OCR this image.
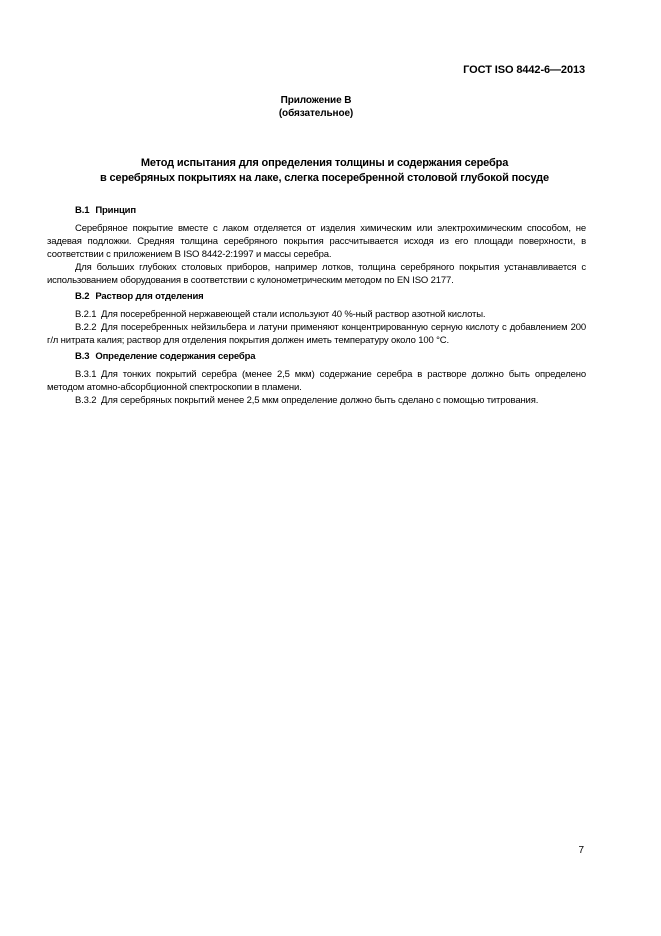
ГОСТ ISO 8442-6—2013
Приложение В
(обязательное)
Метод испытания для определения толщины и содержания серебра
в серебряных покрытиях на лаке, слегка посеребренной столовой глубокой посуде
В.1 Принцип

Серебряное покрытие вместе с лаком отделяется от изделия химическим или электрохимическим способом, не задевая подложки. Средняя толщина серебряного покрытия рассчитывается исходя из его площади поверхности, в соответствии с приложением В ISO 8442-2:1997 и массы серебра.

Для больших глубоких столовых приборов, например лотков, толщина серебряного покрытия устанавливается с использованием оборудования в соответствии с кулонометрическим методом по EN ISO 2177.

В.2 Раствор для отделения

В.2.1 Для посеребренной нержавеющей стали используют 40 %-ный раствор азотной кислоты.

В.2.2 Для посеребренных нейзильбера и латуни применяют концентрированную серную кислоту с добавлением 200 г/л нитрата калия; раствор для отделения покрытия должен иметь температуру около 100 °С.

В.3 Определение содержания серебра

В.3.1 Для тонких покрытий серебра (менее 2,5 мкм) содержание серебра в растворе должно быть определено методом атомно-абсорбционной спектроскопии в пламени.

В.3.2 Для серебряных покрытий менее 2,5 мкм определение должно быть сделано с помощью титрования.

7
